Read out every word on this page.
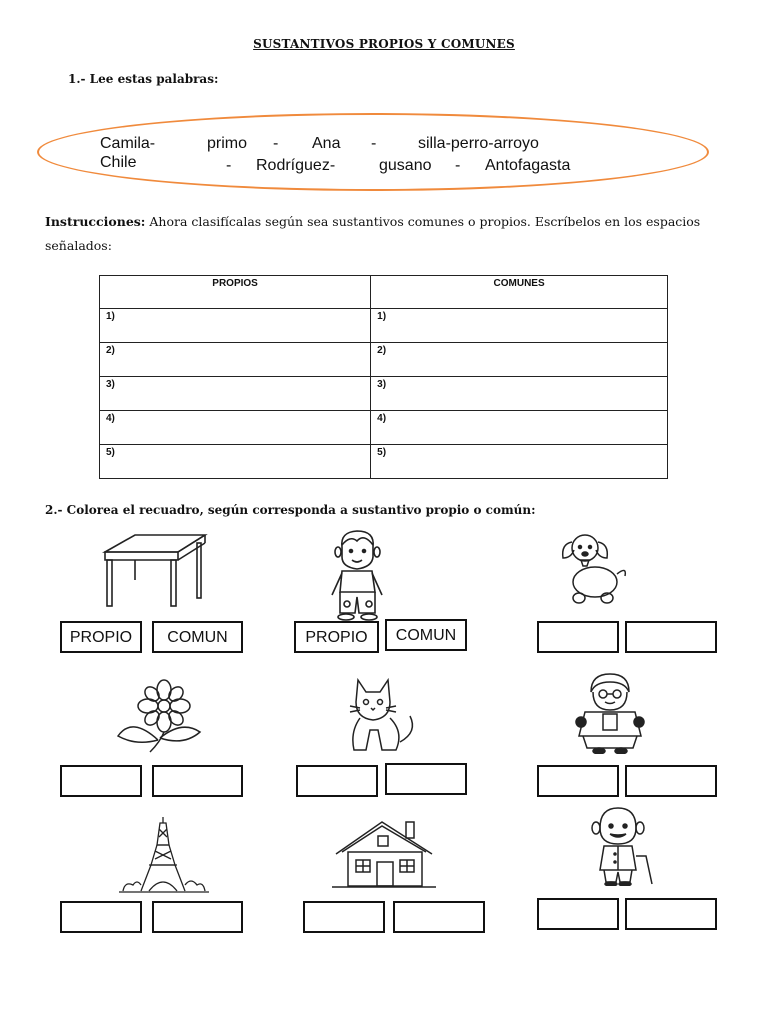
SUSTANTIVOS PROPIOS Y COMUNES
1.- Lee estas palabras:
Camila-	primo - Ana -	silla-perro-arroyo
Chile	- Rodríguez-	gusano - Antofagasta
Instrucciones: Ahora clasifícalas según sea sustantivos comunes o propios. Escríbelos en los espacios señalados:
PROPIOS	COMUNES
1)	1)
2)	2)
3)	3)
4)	4)
5)	5)
2.- Colorea el recuadro, según corresponda a sustantivo propio o común:
PROPIO	COMUN	PROPIO	COMUN
